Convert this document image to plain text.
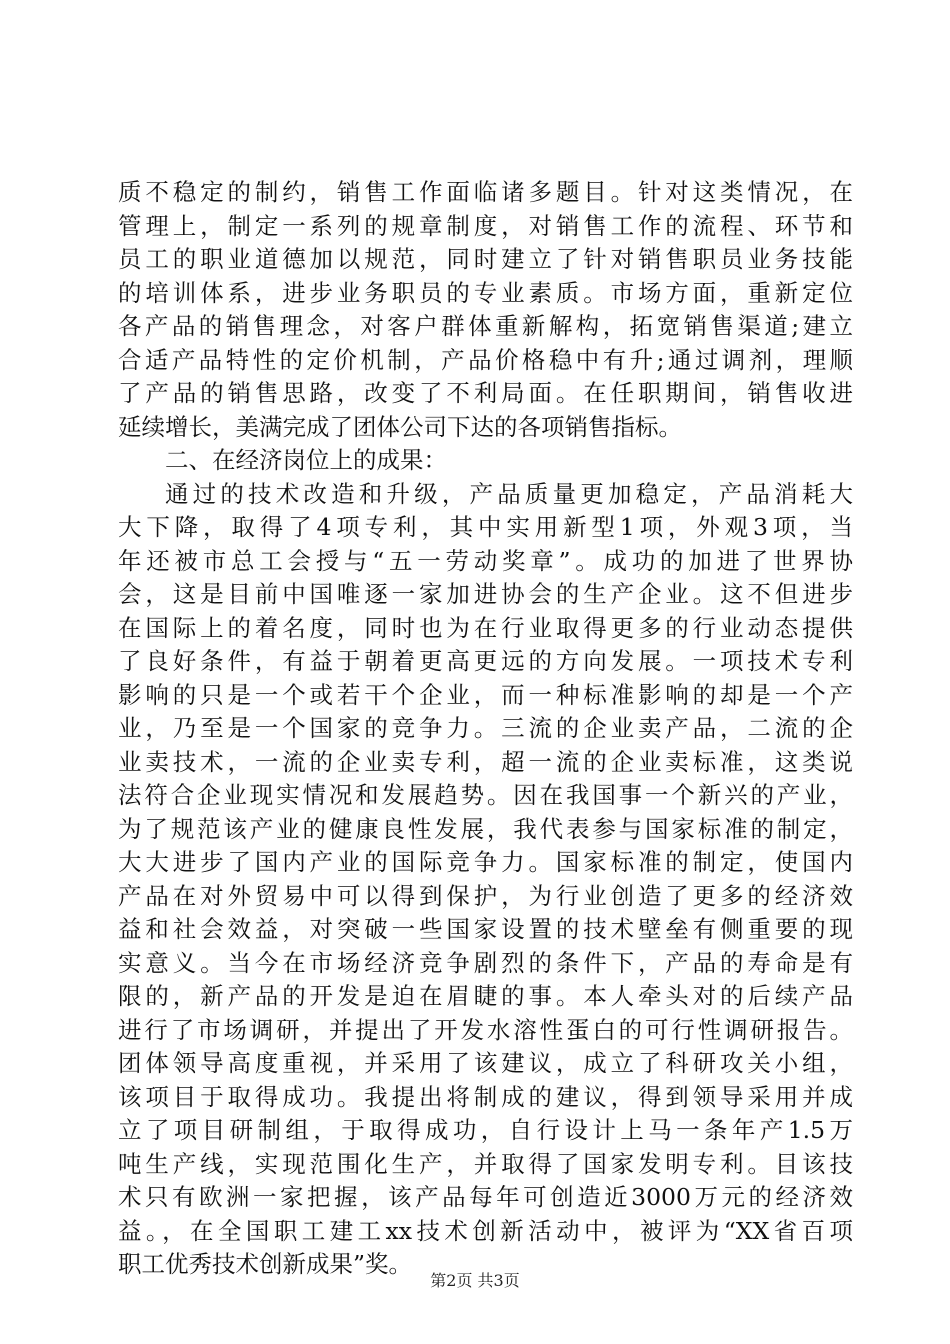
质不稳定的制约，销售工作面临诸多题目。针对这类情况，在
管理上，制定一系列的规章制度，对销售工作的流程、环节和
员工的职业道德加以规范，同时建立了针对销售职员业务技能
的培训体系，进步业务职员的专业素质。市场方面，重新定位
各产品的销售理念，对客户群体重新解构，拓宽销售渠道;建立
合适产品特性的定价机制，产品价格稳中有升;通过调剂，理顺
了产品的销售思路，改变了不利局面。在任职期间，销售收进
延续增长，美满完成了团体公司下达的各项销售指标。
二、在经济岗位上的成果：
通过的技术改造和升级，产品质量更加稳定，产品消耗大
大下降，取得了4项专利，其中实用新型1项，外观3项，当
年还被市总工会授与“五一劳动奖章”。成功的加进了世界协
会，这是目前中国唯逐一家加进协会的生产企业。这不但进步
在国际上的着名度，同时也为在行业取得更多的行业动态提供
了良好条件，有益于朝着更高更远的方向发展。一项技术专利
影响的只是一个或若干个企业，而一种标准影响的却是一个产
业，乃至是一个国家的竞争力。三流的企业卖产品，二流的企
业卖技术，一流的企业卖专利，超一流的企业卖标准，这类说
法符合企业现实情况和发展趋势。因在我国事一个新兴的产业，
为了规范该产业的健康良性发展，我代表参与国家标准的制定，
大大进步了国内产业的国际竞争力。国家标准的制定，使国内
产品在对外贸易中可以得到保护，为行业创造了更多的经济效
益和社会效益，对突破一些国家设置的技术壁垒有侧重要的现
实意义。当今在市场经济竞争剧烈的条件下，产品的寿命是有
限的，新产品的开发是迫在眉睫的事。本人牵头对的后续产品
进行了市场调研，并提出了开发水溶性蛋白的可行性调研报告。
团体领导高度重视，并采用了该建议，成立了科研攻关小组，
该项目于取得成功。我提出将制成的建议，得到领导采用并成
立了项目研制组，于取得成功，自行设计上马一条年产1.5万
吨生产线，实现范围化生产，并取得了国家发明专利。目该技
术只有欧洲一家把握，该产品每年可创造近3000万元的经济效
益。，在全国职工建工xx技术创新活动中，被评为“XX省百项
职工优秀技术创新成果”奖。
第2页 共3页
